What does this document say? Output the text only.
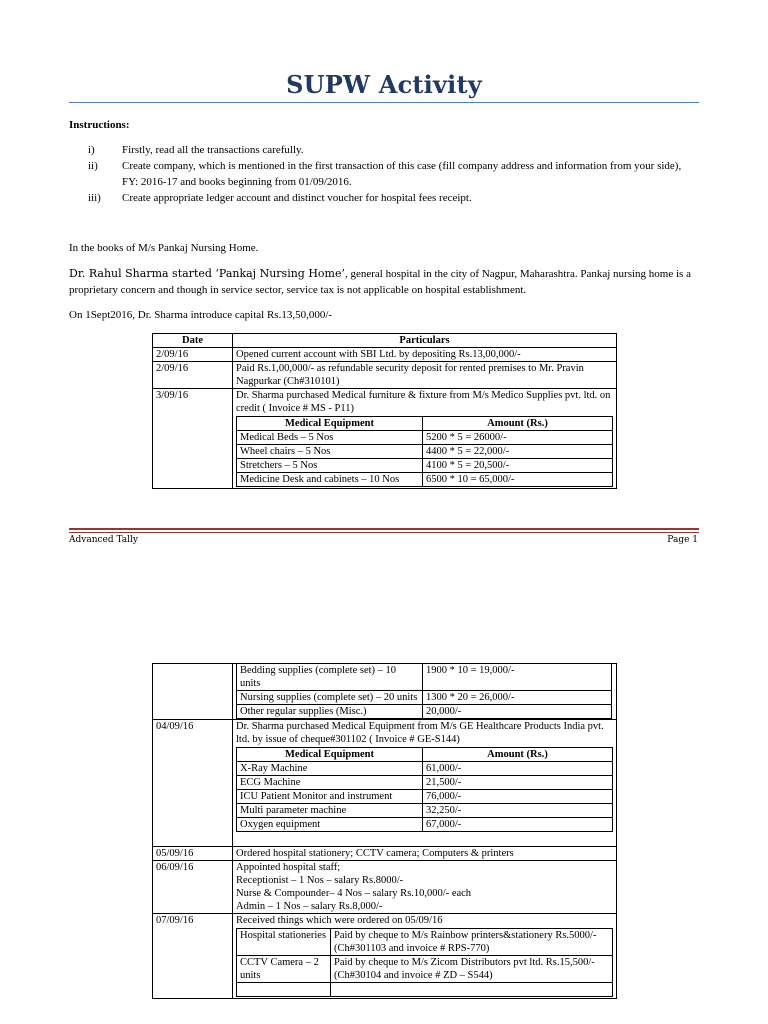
SUPW Activity
Instructions:
i) Firstly, read all the transactions carefully.
ii) Create company, which is mentioned in the first transaction of this case (fill company address and information from your side), FY: 2016-17 and books beginning from 01/09/2016.
iii) Create appropriate ledger account and distinct voucher for hospital fees receipt.
In the books of M/s Pankaj Nursing Home.
Dr. Rahul Sharma started ‘Pankaj Nursing Home’, general hospital in the city of Nagpur, Maharashtra. Pankaj nursing home is a proprietary concern and though in service sector, service tax is not applicable on hospital establishment.
On 1Sept2016, Dr. Sharma introduce capital Rs.13,50,000/-
Date	Particulars
2/09/16	Opened current account with SBI Ltd. by depositing Rs.13,00,000/-
2/09/16	Paid Rs.1,00,000/- as refundable security deposit for rented premises to Mr. Pravin Nagpurkar (Ch#310101)
3/09/16	Dr. Sharma purchased Medical furniture & fixture from M/s Medico Supplies pvt. ltd. on credit ( Invoice # MS - P11)
Medical Equipment	Amount (Rs.)
Medical Beds – 5 Nos	5200 * 5 = 26000/-
Wheel chairs – 5 Nos	4400 * 5 = 22,000/-
Stretchers – 5 Nos	4100 * 5 = 20,500/-
Medicine Desk and cabinets – 10 Nos	6500 * 10 = 65,000/-
Advanced Tally	Page 1

Bedding supplies (complete set) – 10 units	1900 * 10 = 19,000/-
Nursing supplies (complete set) – 20 units	1300 * 20 = 26,000/-
Other regular supplies (Misc.)	20,000/-

04/09/16	Dr. Sharma purchased Medical Equipment from M/s GE Healthcare Products India pvt. ltd. by issue of cheque#301102 ( Invoice # GE-S144)
Medical Equipment	Amount (Rs.)
X-Ray Machine	61,000/-
ECG Machine	21,500/-
ICU Patient Monitor and instrument	76,000/-
Multi parameter machine	32,250/-
Oxygen equipment	67,000/-

05/09/16	Ordered hospital stationery; CCTV camera; Computers & printers
06/09/16	Appointed hospital staff;
Receptionist – 1 Nos – salary Rs.8000/-
Nurse & Compounder– 4 Nos – salary Rs.10,000/- each
Admin – 1 Nos – salary Rs.8,000/-

07/09/16	Received things which were ordered on 05/09/16
Hospital stationeries	Paid by cheque to M/s Rainbow printers&stationery Rs.5000/- (Ch#301103 and invoice # RPS-770)
CCTV Camera – 2 units	Paid by cheque to M/s Zicom Distributors pvt ltd. Rs.15,500/- (Ch#30104 and invoice # ZD – S544)
